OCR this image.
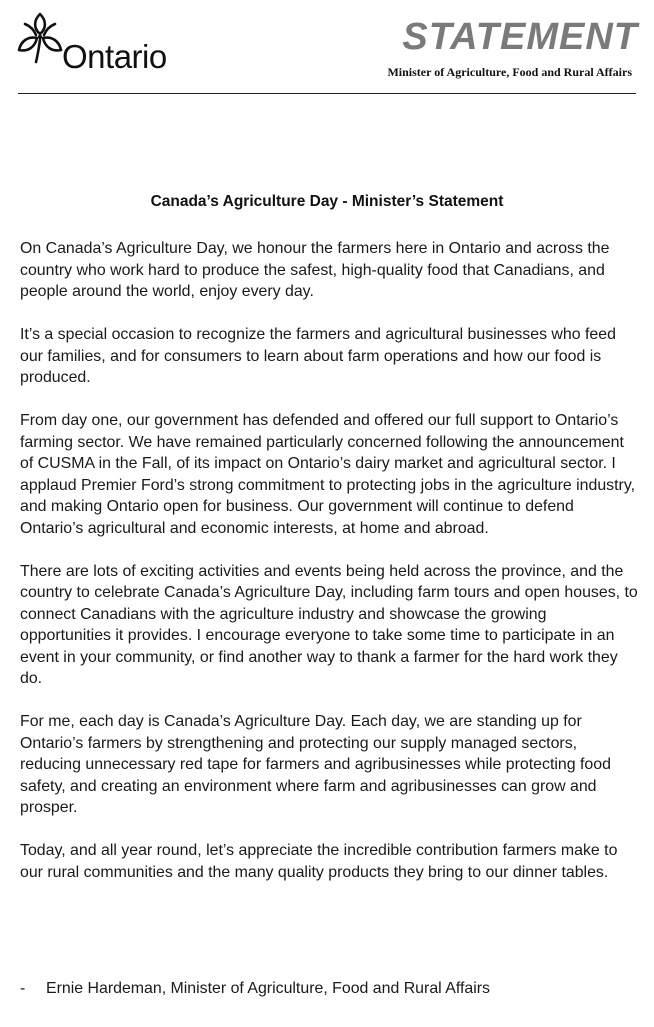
Ontario	STATEMENT
Minister of Agriculture, Food and Rural Affairs
Canada’s Agriculture Day - Minister’s Statement

On Canada’s Agriculture Day, we honour the farmers here in Ontario and across the country who work hard to produce the safest, high-quality food that Canadians, and people around the world, enjoy every day.

It’s a special occasion to recognize the farmers and agricultural businesses who feed our families, and for consumers to learn about farm operations and how our food is produced.

From day one, our government has defended and offered our full support to Ontario’s farming sector. We have remained particularly concerned following the announcement of CUSMA in the Fall, of its impact on Ontario’s dairy market and agricultural sector. I applaud Premier Ford’s strong commitment to protecting jobs in the agriculture industry, and making Ontario open for business. Our government will continue to defend Ontario’s agricultural and economic interests, at home and abroad.

There are lots of exciting activities and events being held across the province, and the country to celebrate Canada’s Agriculture Day, including farm tours and open houses, to connect Canadians with the agriculture industry and showcase the growing opportunities it provides. I encourage everyone to take some time to participate in an event in your community, or find another way to thank a farmer for the hard work they do.

For me, each day is Canada’s Agriculture Day. Each day, we are standing up for Ontario’s farmers by strengthening and protecting our supply managed sectors, reducing unnecessary red tape for farmers and agribusinesses while protecting food safety, and creating an environment where farm and agribusinesses can grow and prosper.

Today, and all year round, let’s appreciate the incredible contribution farmers make to our rural communities and the many quality products they bring to our dinner tables.

- Ernie Hardeman, Minister of Agriculture, Food and Rural Affairs
